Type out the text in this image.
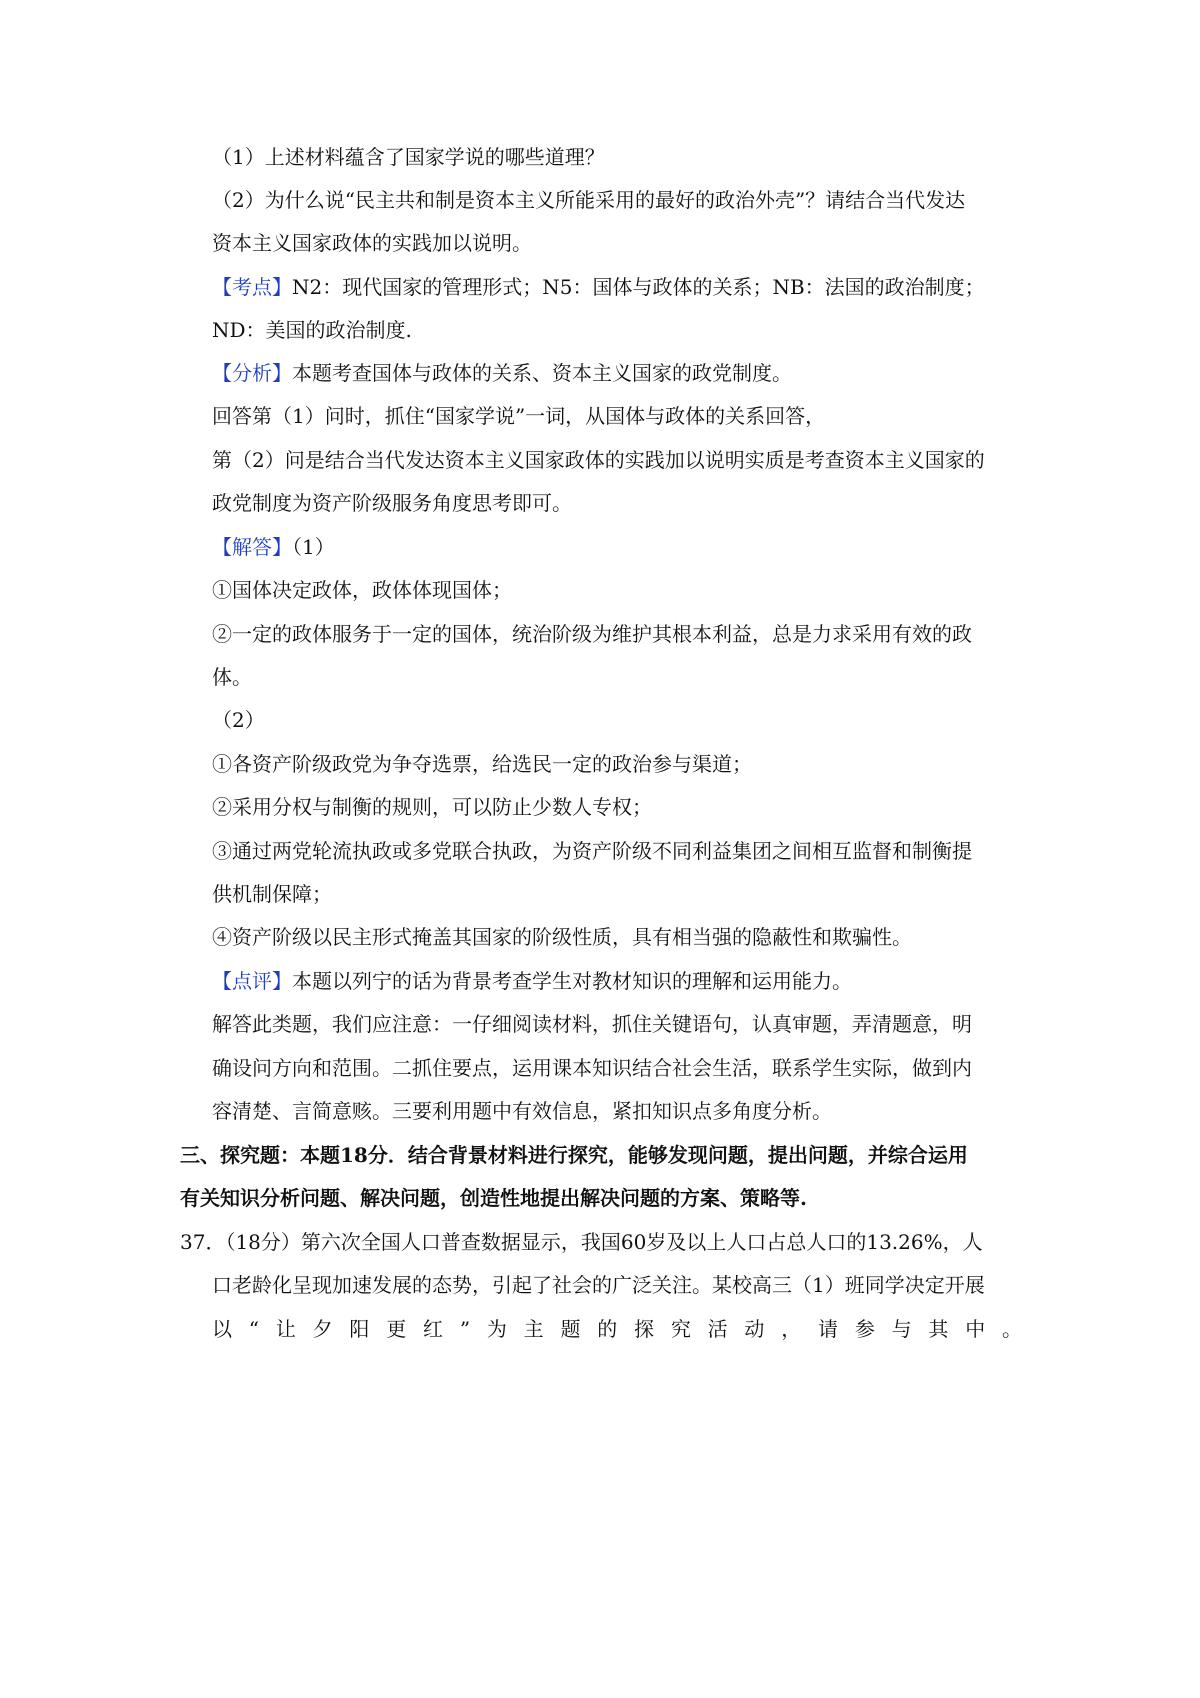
（1）上述材料蕴含了国家学说的哪些道理？
（2）为什么说“民主共和制是资本主义所能采用的最好的政治外壳”？请结合当代发达
资本主义国家政体的实践加以说明。
【考点】N2：现代国家的管理形式；N5：国体与政体的关系；NB：法国的政治制度；
ND：美国的政治制度.
【分析】本题考查国体与政体的关系、资本主义国家的政党制度。
回答第（1）问时，抓住“国家学说”一词，从国体与政体的关系回答，
第（2）问是结合当代发达资本主义国家政体的实践加以说明实质是考查资本主义国家的
政党制度为资产阶级服务角度思考即可。
【解答】（1）
①国体决定政体，政体体现国体；
②一定的政体服务于一定的国体，统治阶级为维护其根本利益，总是力求采用有效的政
体。
（2）
①各资产阶级政党为争夺选票，给选民一定的政治参与渠道；
②采用分权与制衡的规则，可以防止少数人专权；
③通过两党轮流执政或多党联合执政，为资产阶级不同利益集团之间相互监督和制衡提
供机制保障；
④资产阶级以民主形式掩盖其国家的阶级性质，具有相当强的隐蔽性和欺骗性。
【点评】本题以列宁的话为背景考查学生对教材知识的理解和运用能力。
解答此类题，我们应注意：一仔细阅读材料，抓住关键语句，认真审题，弄清题意，明
确设问方向和范围。二抓住要点，运用课本知识结合社会生活，联系学生实际，做到内
容清楚、言简意赅。三要利用题中有效信息，紧扣知识点多角度分析。
三、探究题：本题18分．结合背景材料进行探究，能够发现问题，提出问题，并综合运用
有关知识分析问题、解决问题，创造性地提出解决问题的方案、策略等.
37．（18分）第六次全国人口普查数据显示，我国60岁及以上人口占总人口的13.26%，人
口老龄化呈现加速发展的态势，引起了社会的广泛关注。某校高三（1）班同学决定开展
以 “ 让 夕 阳 更 红 ” 为 主 题 的 探 究 活 动 ， 请 参 与 其 中 。
